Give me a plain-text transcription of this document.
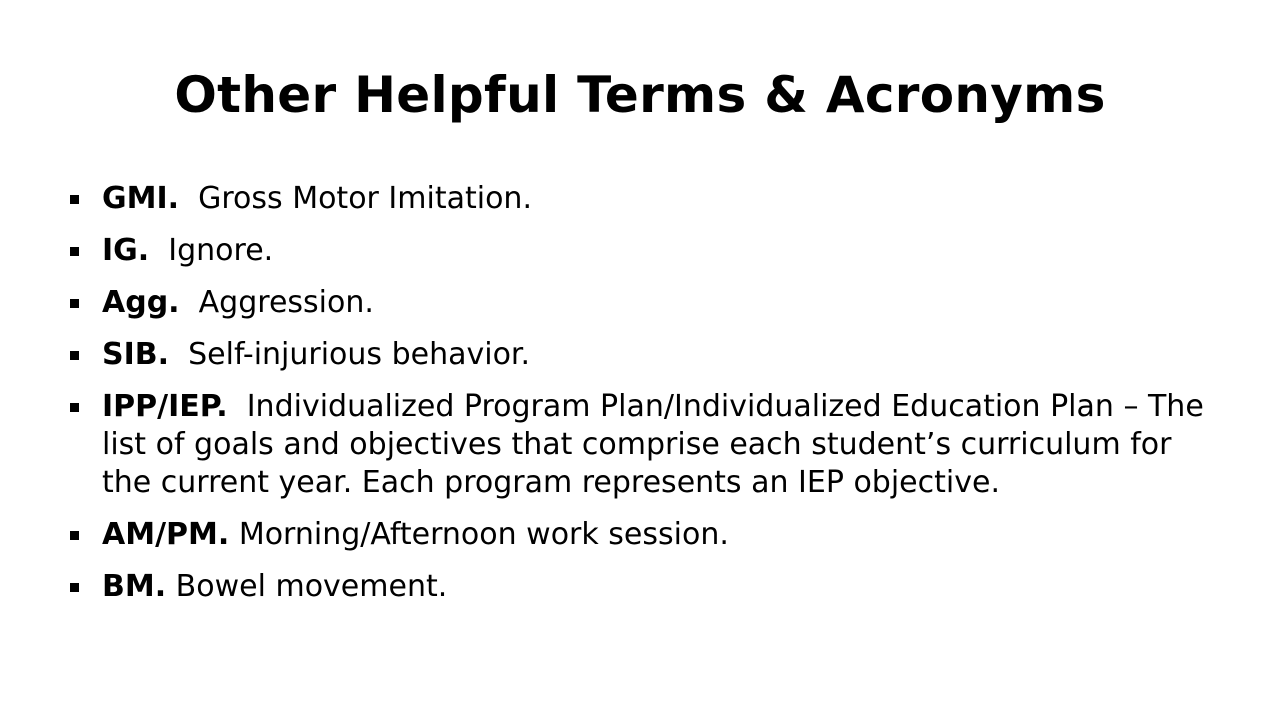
Other Helpful Terms & Acronyms
GMI. Gross Motor Imitation.
IG. Ignore.
Agg. Aggression.
SIB. Self-injurious behavior.
IPP/IEP. Individualized Program Plan/Individualized Education Plan – The list of goals and objectives that comprise each student’s curriculum for the current year. Each program represents an IEP objective.
AM/PM. Morning/Afternoon work session.
BM. Bowel movement.
